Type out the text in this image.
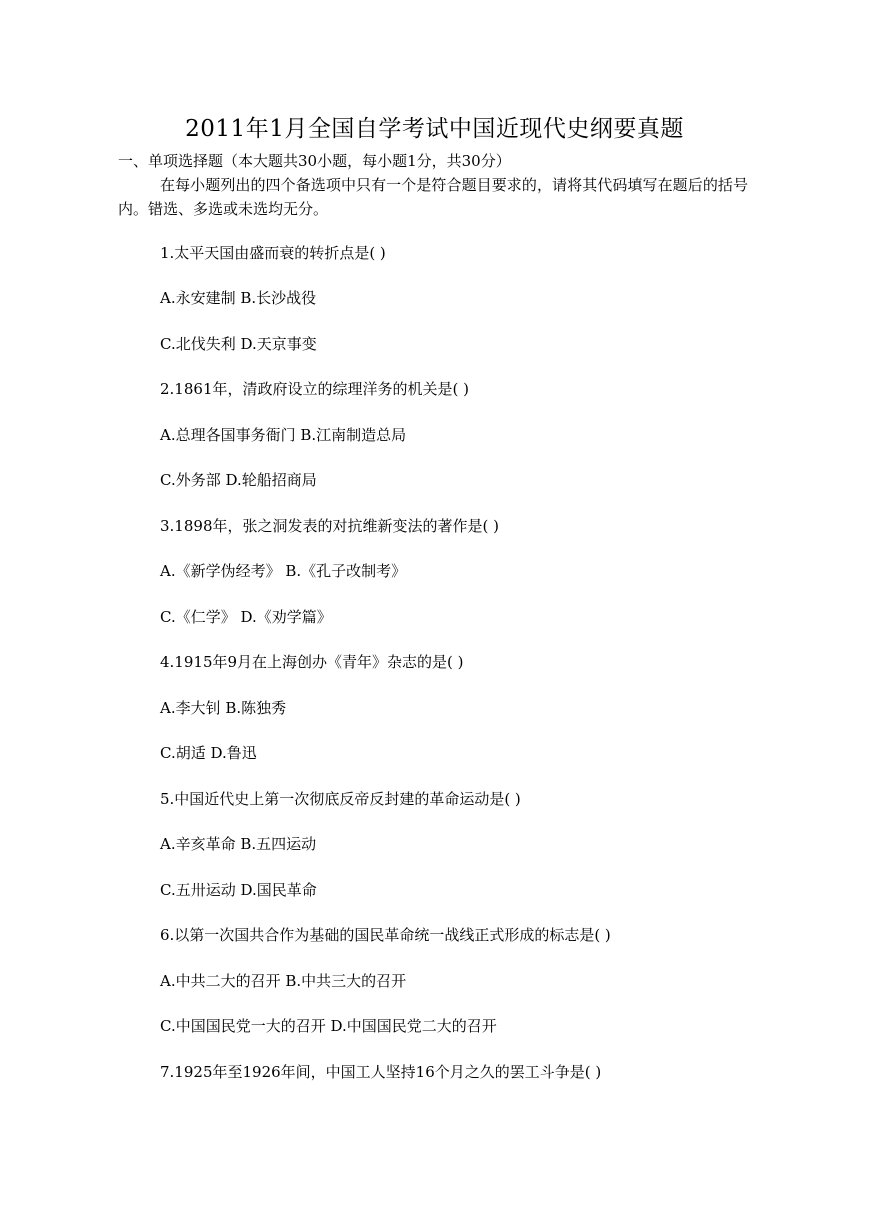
2011年1月全国自学考试中国近现代史纲要真题

一、单项选择题（本大题共30小题，每小题1分，共30分）

在每小题列出的四个备选项中只有一个是符合题目要求的，请将其代码填写在题后的括号内。错选、多选或未选均无分。

1.太平天国由盛而衰的转折点是( )

A.永安建制 B.长沙战役

C.北伐失利 D.天京事变

2.1861年，清政府设立的综理洋务的机关是( )

A.总理各国事务衙门 B.江南制造总局

C.外务部 D.轮船招商局

3.1898年，张之洞发表的对抗维新变法的著作是( )

A.《新学伪经考》 B.《孔子改制考》

C.《仁学》 D.《劝学篇》

4.1915年9月在上海创办《青年》杂志的是( )

A.李大钊 B.陈独秀

C.胡适 D.鲁迅

5.中国近代史上第一次彻底反帝反封建的革命运动是( )

A.辛亥革命 B.五四运动

C.五卅运动 D.国民革命

6.以第一次国共合作为基础的国民革命统一战线正式形成的标志是( )

A.中共二大的召开 B.中共三大的召开

C.中国国民党一大的召开 D.中国国民党二大的召开

7.1925年至1926年间，中国工人坚持16个月之久的罢工斗争是( )
